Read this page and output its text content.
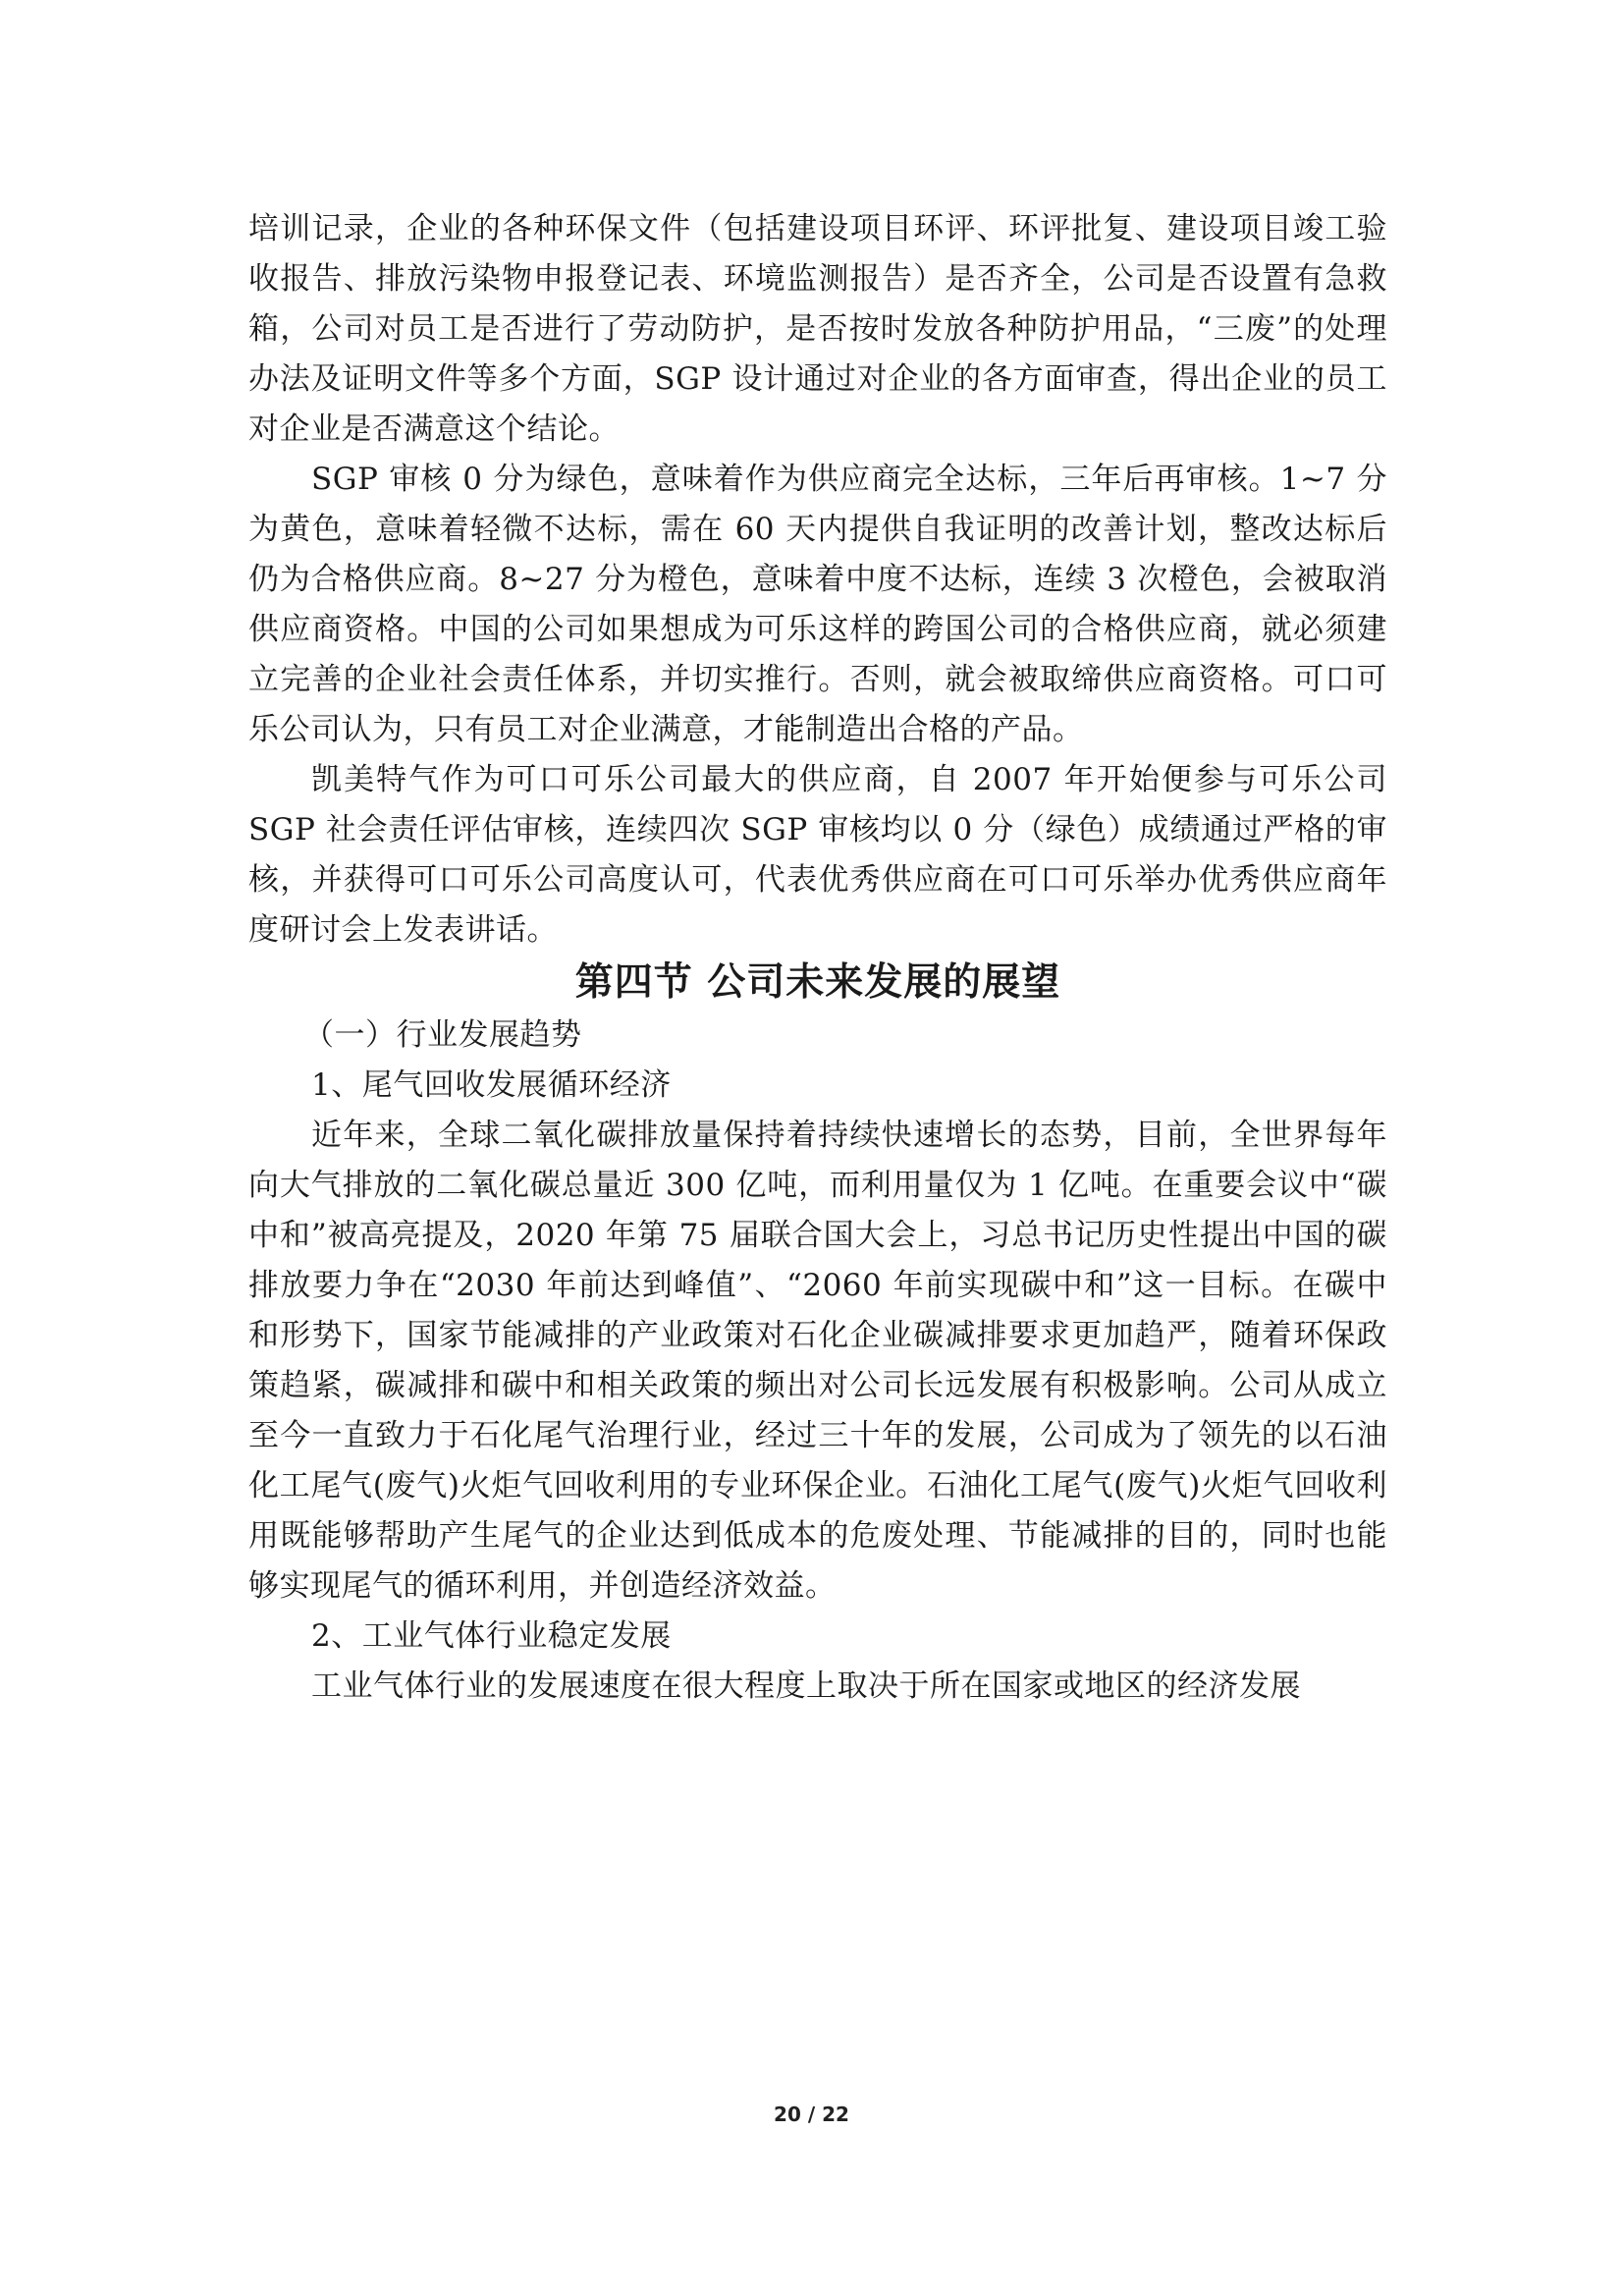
培训记录，企业的各种环保文件（包括建设项目环评、环评批复、建设项目竣工验收报告、排放污染物申报登记表、环境监测报告）是否齐全，公司是否设置有急救箱，公司对员工是否进行了劳动防护，是否按时发放各种防护用品，“三废”的处理办法及证明文件等多个方面，SGP 设计通过对企业的各方面审查，得出企业的员工对企业是否满意这个结论。

SGP 审核 0 分为绿色，意味着作为供应商完全达标，三年后再审核。1~7 分为黄色，意味着轻微不达标，需在 60 天内提供自我证明的改善计划，整改达标后仍为合格供应商。8~27 分为橙色，意味着中度不达标，连续 3 次橙色，会被取消供应商资格。中国的公司如果想成为可乐这样的跨国公司的合格供应商，就必须建立完善的企业社会责任体系，并切实推行。否则，就会被取缔供应商资格。可口可乐公司认为，只有员工对企业满意，才能制造出合格的产品。

凯美特气作为可口可乐公司最大的供应商，自 2007 年开始便参与可乐公司 SGP 社会责任评估审核，连续四次 SGP 审核均以 0 分（绿色）成绩通过严格的审核，并获得可口可乐公司高度认可，代表优秀供应商在可口可乐举办优秀供应商年度研讨会上发表讲话。

第四节 公司未来发展的展望

（一）行业发展趋势

1、尾气回收发展循环经济

近年来，全球二氧化碳排放量保持着持续快速增长的态势，目前，全世界每年向大气排放的二氧化碳总量近 300 亿吨，而利用量仅为 1 亿吨。在重要会议中“碳中和”被高亮提及，2020 年第 75 届联合国大会上，习总书记历史性提出中国的碳排放要力争在“2030 年前达到峰值”、“2060 年前实现碳中和”这一目标。在碳中和形势下，国家节能减排的产业政策对石化企业碳减排要求更加趋严，随着环保政策趋紧，碳减排和碳中和相关政策的频出对公司长远发展有积极影响。公司从成立至今一直致力于石化尾气治理行业，经过三十年的发展，公司成为了领先的以石油化工尾气(废气)火炬气回收利用的专业环保企业。石油化工尾气(废气)火炬气回收利用既能够帮助产生尾气的企业达到低成本的危废处理、节能减排的目的，同时也能够实现尾气的循环利用，并创造经济效益。

2、工业气体行业稳定发展

工业气体行业的发展速度在很大程度上取决于所在国家或地区的经济发展

20 / 22
